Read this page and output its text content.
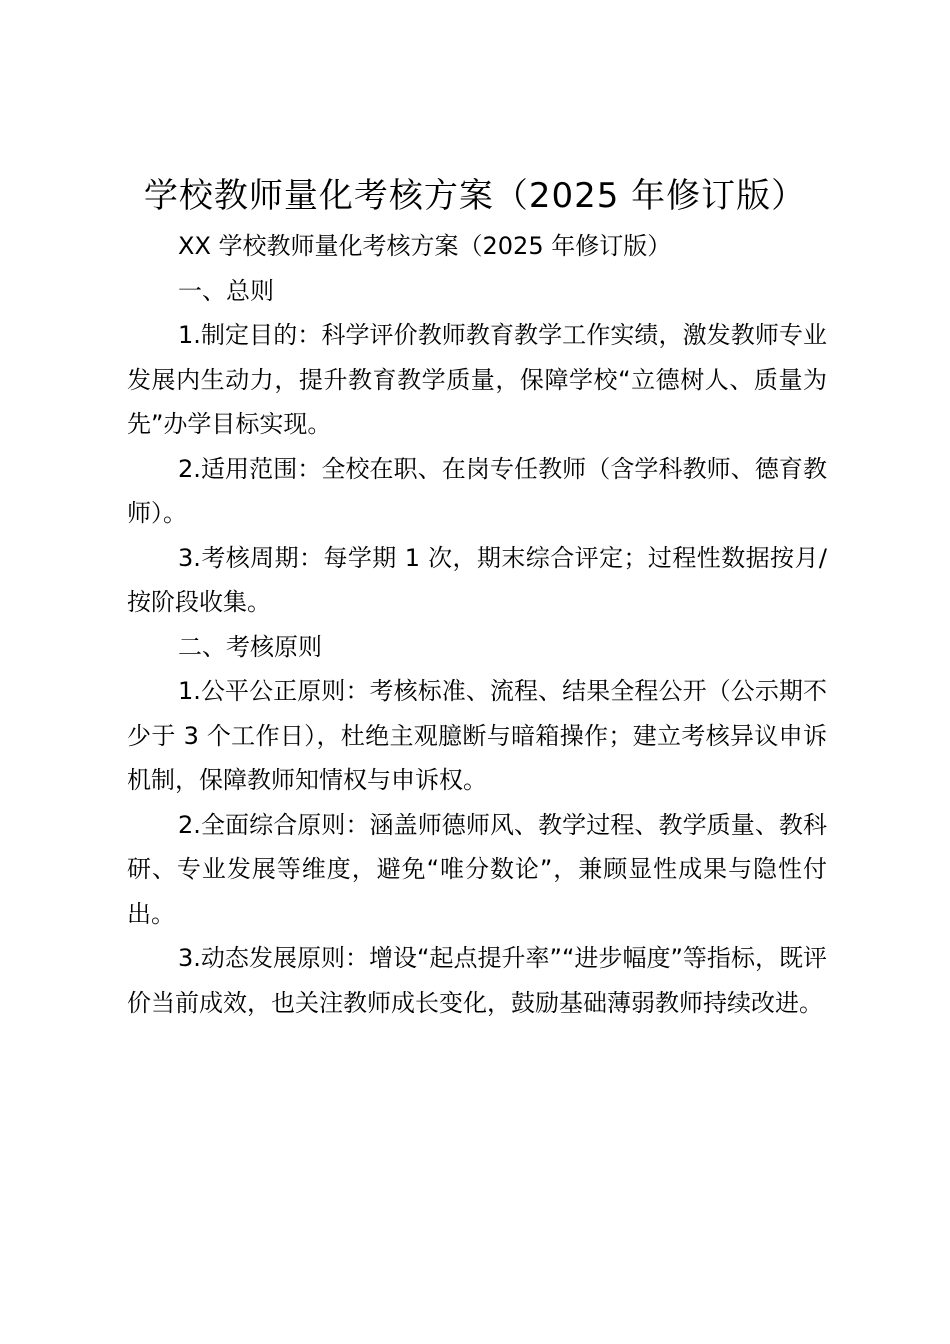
学校教师量化考核方案（2025 年修订版）

XX 学校教师量化考核方案（2025 年修订版）

一、总则

1.制定目的：科学评价教师教育教学工作实绩，激发教师专业发展内生动力，提升教育教学质量，保障学校“立德树人、质量为先”办学目标实现。

2.适用范围：全校在职、在岗专任教师（含学科教师、德育教师）。

3.考核周期：每学期 1 次，期末综合评定；过程性数据按月/按阶段收集。

二、考核原则

1.公平公正原则：考核标准、流程、结果全程公开（公示期不少于 3 个工作日），杜绝主观臆断与暗箱操作；建立考核异议申诉机制，保障教师知情权与申诉权。

2.全面综合原则：涵盖师德师风、教学过程、教学质量、教科研、专业发展等维度，避免“唯分数论”，兼顾显性成果与隐性付出。

3.动态发展原则：增设“起点提升率”“进步幅度”等指标，既评价当前成效，也关注教师成长变化，鼓励基础薄弱教师持续改进。
